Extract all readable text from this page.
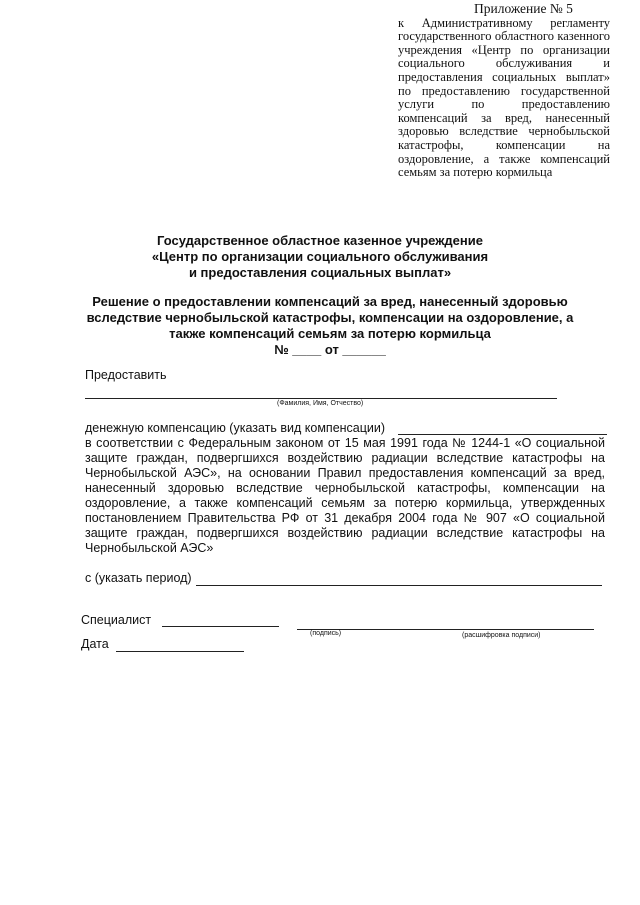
Приложение № 5
к Административному регламенту государственного областного казенного учреждения «Центр по организации социального обслуживания и предоставления социальных выплат» по предоставлению государственной услуги по предоставлению компенсаций за вред, нанесенный здоровью вследствие чернобыльской катастрофы, компенсации на оздоровление, а также компенсаций семьям за потерю кормильца
Государственное областное казенное учреждение
«Центр по организации социального обслуживания
и предоставления социальных выплат»
Решение о предоставлении компенсаций за вред, нанесенный здоровью
вследствие чернобыльской катастрофы, компенсации на оздоровление, а
также компенсаций семьям за потерю кормильца
№ ____ от ______
Предоставить
(Фамилия, Имя, Отчество)
денежную компенсацию (указать вид компенсации)
в соответствии с Федеральным законом от 15 мая 1991 года № 1244-1 «О социальной защите граждан, подвергшихся воздействию радиации вследствие катастрофы на Чернобыльской АЭС», на основании Правил предоставления компенсаций за вред, нанесенный здоровью вследствие чернобыльской катастрофы, компенсации на оздоровление, а также компенсаций семьям за потерю кормильца, утвержденных постановлением Правительства РФ от 31 декабря 2004 года № 907 «О социальной защите граждан, подвергшихся воздействию радиации вследствие катастрофы на Чернобыльской АЭС»
с (указать период)
Специалист
(подпись)	(расшифровка подписи)
Дата
